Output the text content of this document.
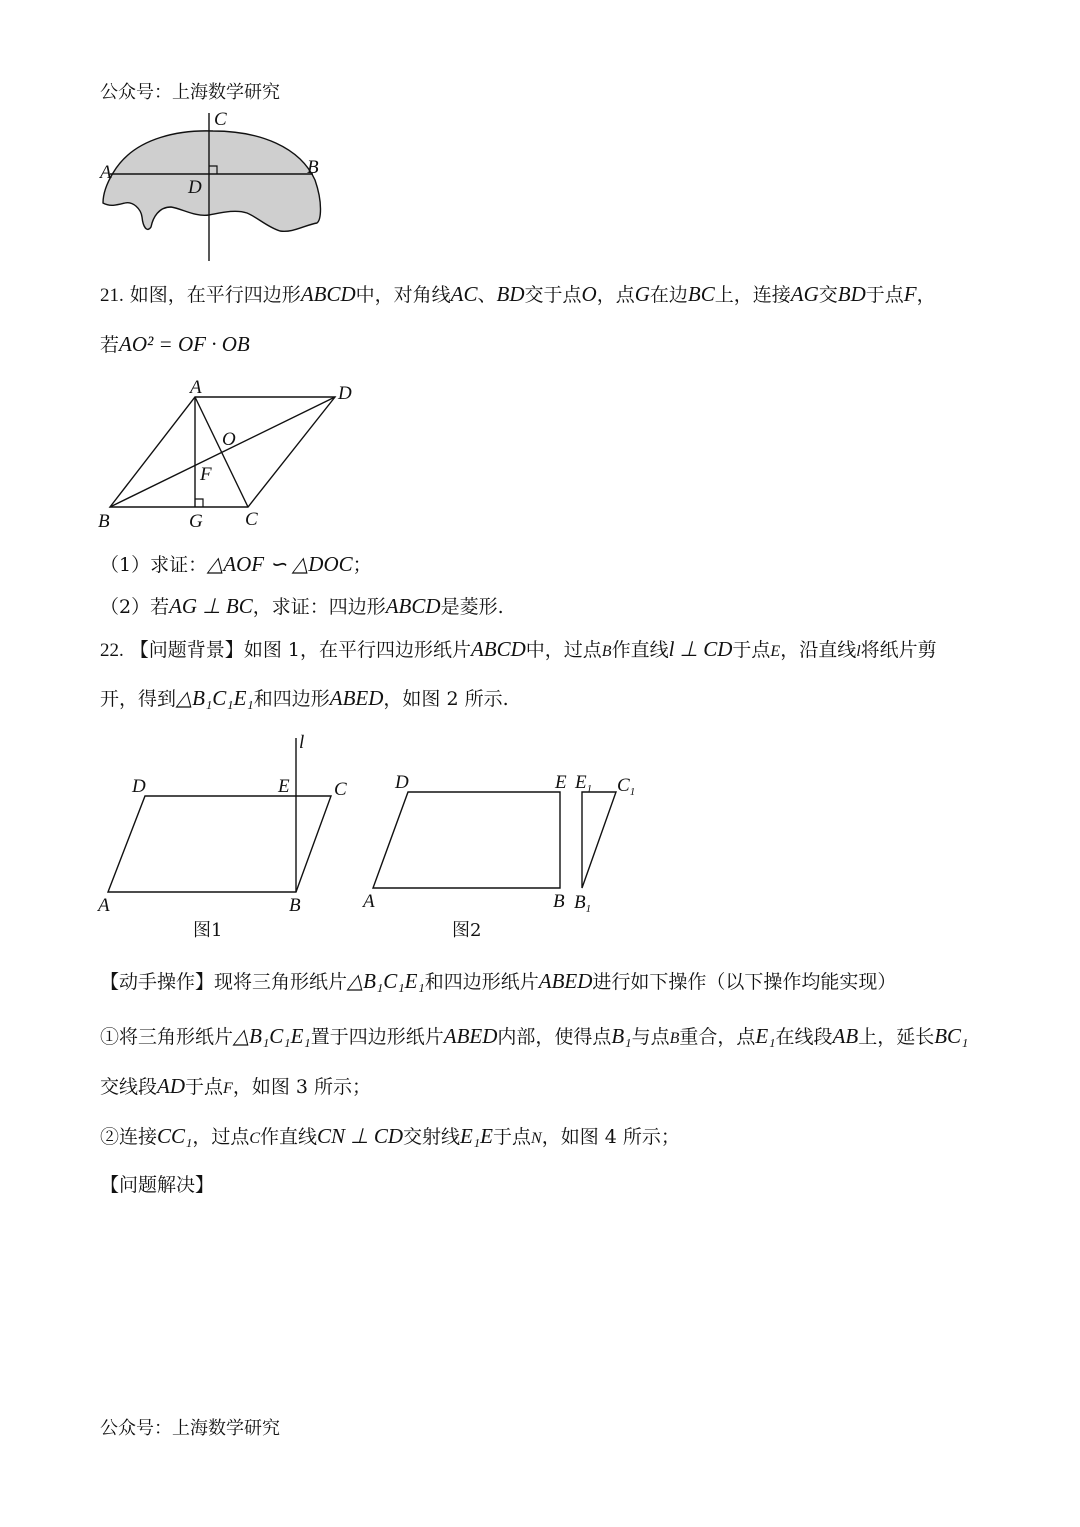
公众号：上海数学研究
A	B
C
D
21. 如图，在平行四边形ABCD中，对角线AC、BD交于点O，点G在边BC上，连接AG交BD于点F，
若AO² = OF · OB
A	D
O
F
B	G C
（1）求证：△AOF ∽ △DOC；
（2）若AG ⊥ BC，求证：四边形ABCD是菱形.
22. 【问题背景】如图 1，在平行四边形纸片ABCD中，过点B作直线l ⊥ CD于点E，沿直线l将纸片剪
开，得到△B₁C₁E₁和四边形ABED，如图 2 所示.
l
D	E C
A	B
图1
D	E $E_1$ $C_1$
A	B $B_1$
图2
【动手操作】现将三角形纸片△B₁C₁E₁和四边形纸片ABED进行如下操作（以下操作均能实现）
①将三角形纸片△B₁C₁E₁置于四边形纸片ABED内部，使得点B₁与点B重合，点E₁在线段AB上，延长BC₁
交线段AD于点F，如图 3 所示；
②连接CC₁，过点C作直线CN ⊥ CD交射线E₁E于点N，如图 4 所示；
【问题解决】
公众号：上海数学研究
